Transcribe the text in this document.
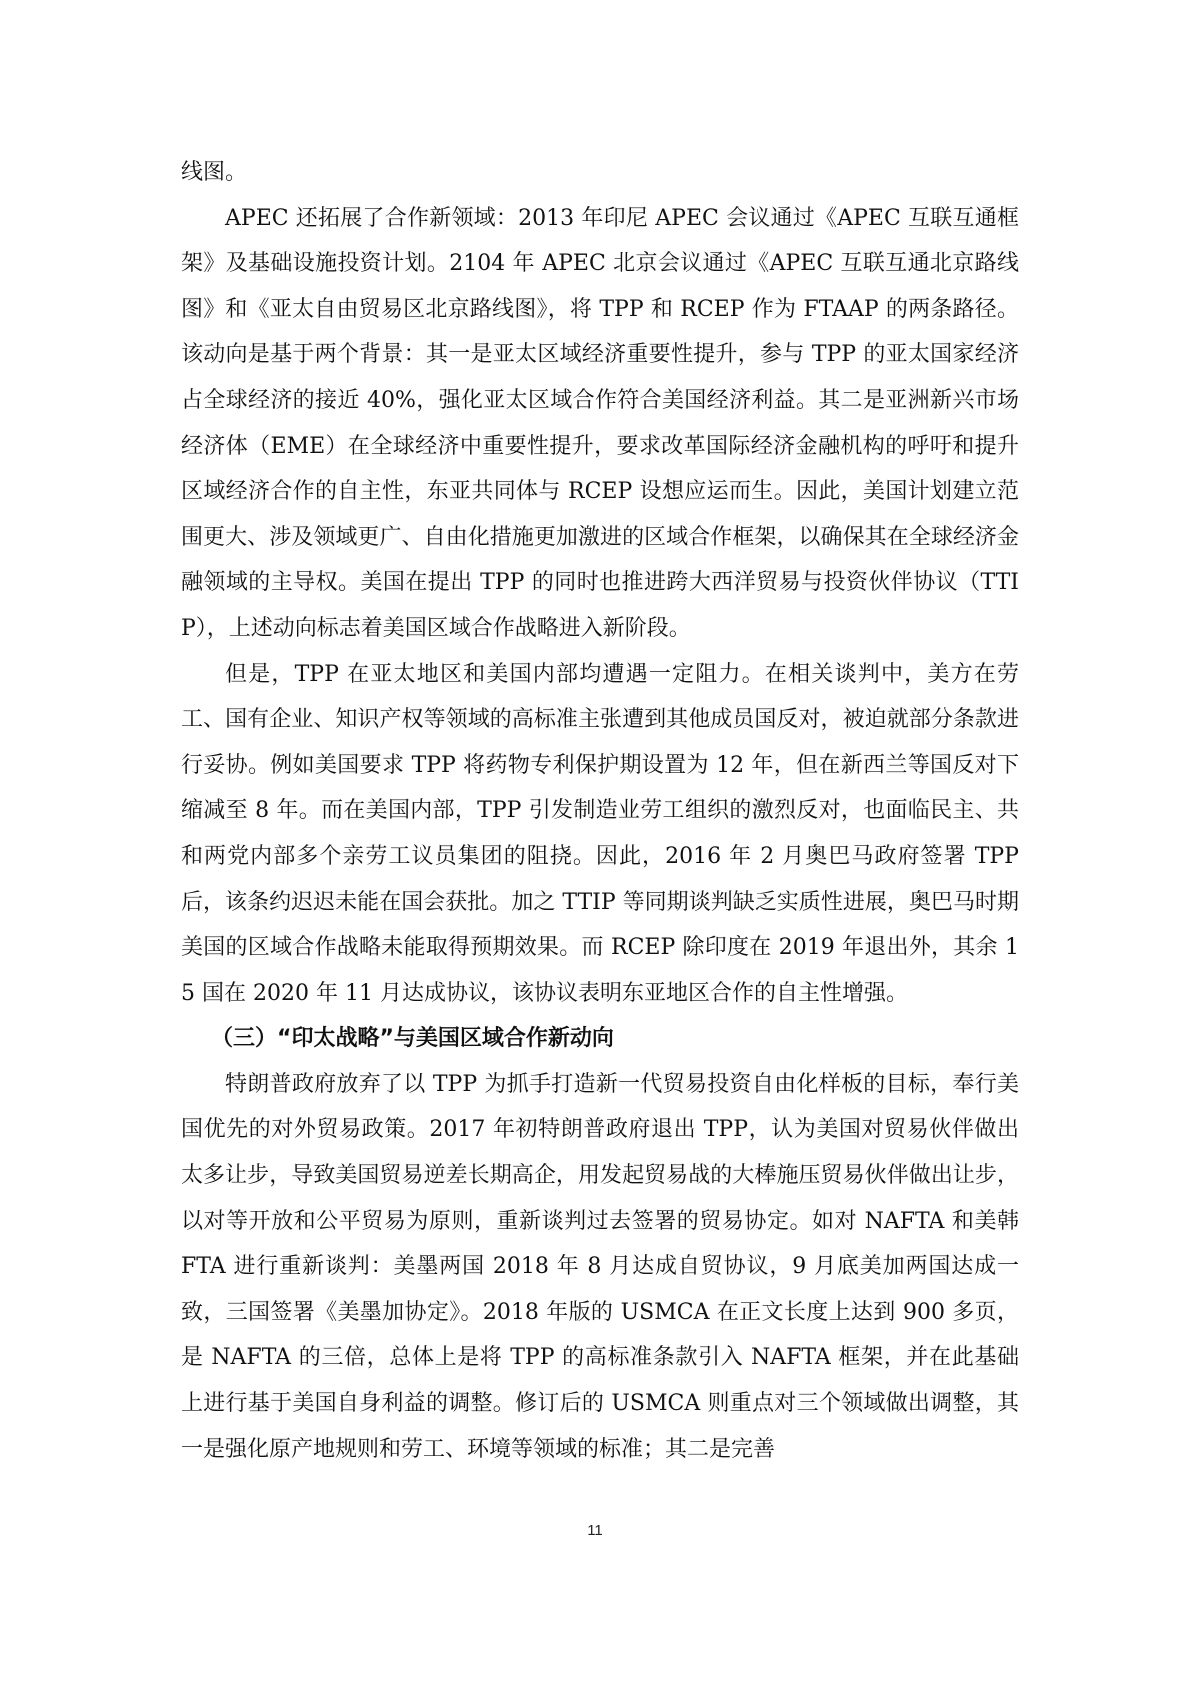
线图。

APEC 还拓展了合作新领域：2013 年印尼 APEC 会议通过《APEC 互联互通框架》及基础设施投资计划。2104 年 APEC 北京会议通过《APEC 互联互通北京路线图》和《亚太自由贸易区北京路线图》，将 TPP 和 RCEP 作为 FTAAP 的两条路径。该动向是基于两个背景：其一是亚太区域经济重要性提升，参与 TPP 的亚太国家经济占全球经济的接近 40%，强化亚太区域合作符合美国经济利益。其二是亚洲新兴市场经济体（EME）在全球经济中重要性提升，要求改革国际经济金融机构的呼吁和提升区域经济合作的自主性，东亚共同体与 RCEP 设想应运而生。因此，美国计划建立范围更大、涉及领域更广、自由化措施更加激进的区域合作框架，以确保其在全球经济金融领域的主导权。美国在提出 TPP 的同时也推进跨大西洋贸易与投资伙伴协议（TTIP），上述动向标志着美国区域合作战略进入新阶段。

但是，TPP 在亚太地区和美国内部均遭遇一定阻力。在相关谈判中，美方在劳工、国有企业、知识产权等领域的高标准主张遭到其他成员国反对，被迫就部分条款进行妥协。例如美国要求 TPP 将药物专利保护期设置为 12 年，但在新西兰等国反对下缩减至 8 年。而在美国内部，TPP 引发制造业劳工组织的激烈反对，也面临民主、共和两党内部多个亲劳工议员集团的阻挠。因此，2016 年 2 月奥巴马政府签署 TPP 后，该条约迟迟未能在国会获批。加之 TTIP 等同期谈判缺乏实质性进展，奥巴马时期美国的区域合作战略未能取得预期效果。而 RCEP 除印度在 2019 年退出外，其余 15 国在 2020 年 11 月达成协议，该协议表明东亚地区合作的自主性增强。

（三）“印太战略”与美国区域合作新动向

特朗普政府放弃了以 TPP 为抓手打造新一代贸易投资自由化样板的目标，奉行美国优先的对外贸易政策。2017 年初特朗普政府退出 TPP，认为美国对贸易伙伴做出太多让步，导致美国贸易逆差长期高企，用发起贸易战的大棒施压贸易伙伴做出让步，以对等开放和公平贸易为原则，重新谈判过去签署的贸易协定。如对 NAFTA 和美韩 FTA 进行重新谈判：美墨两国 2018 年 8 月达成自贸协议，9 月底美加两国达成一致，三国签署《美墨加协定》。2018 年版的 USMCA 在正文长度上达到 900 多页，是 NAFTA 的三倍，总体上是将 TPP 的高标准条款引入 NAFTA 框架，并在此基础上进行基于美国自身利益的调整。修订后的 USMCA 则重点对三个领域做出调整，其一是强化原产地规则和劳工、环境等领域的标准；其二是完善

11
